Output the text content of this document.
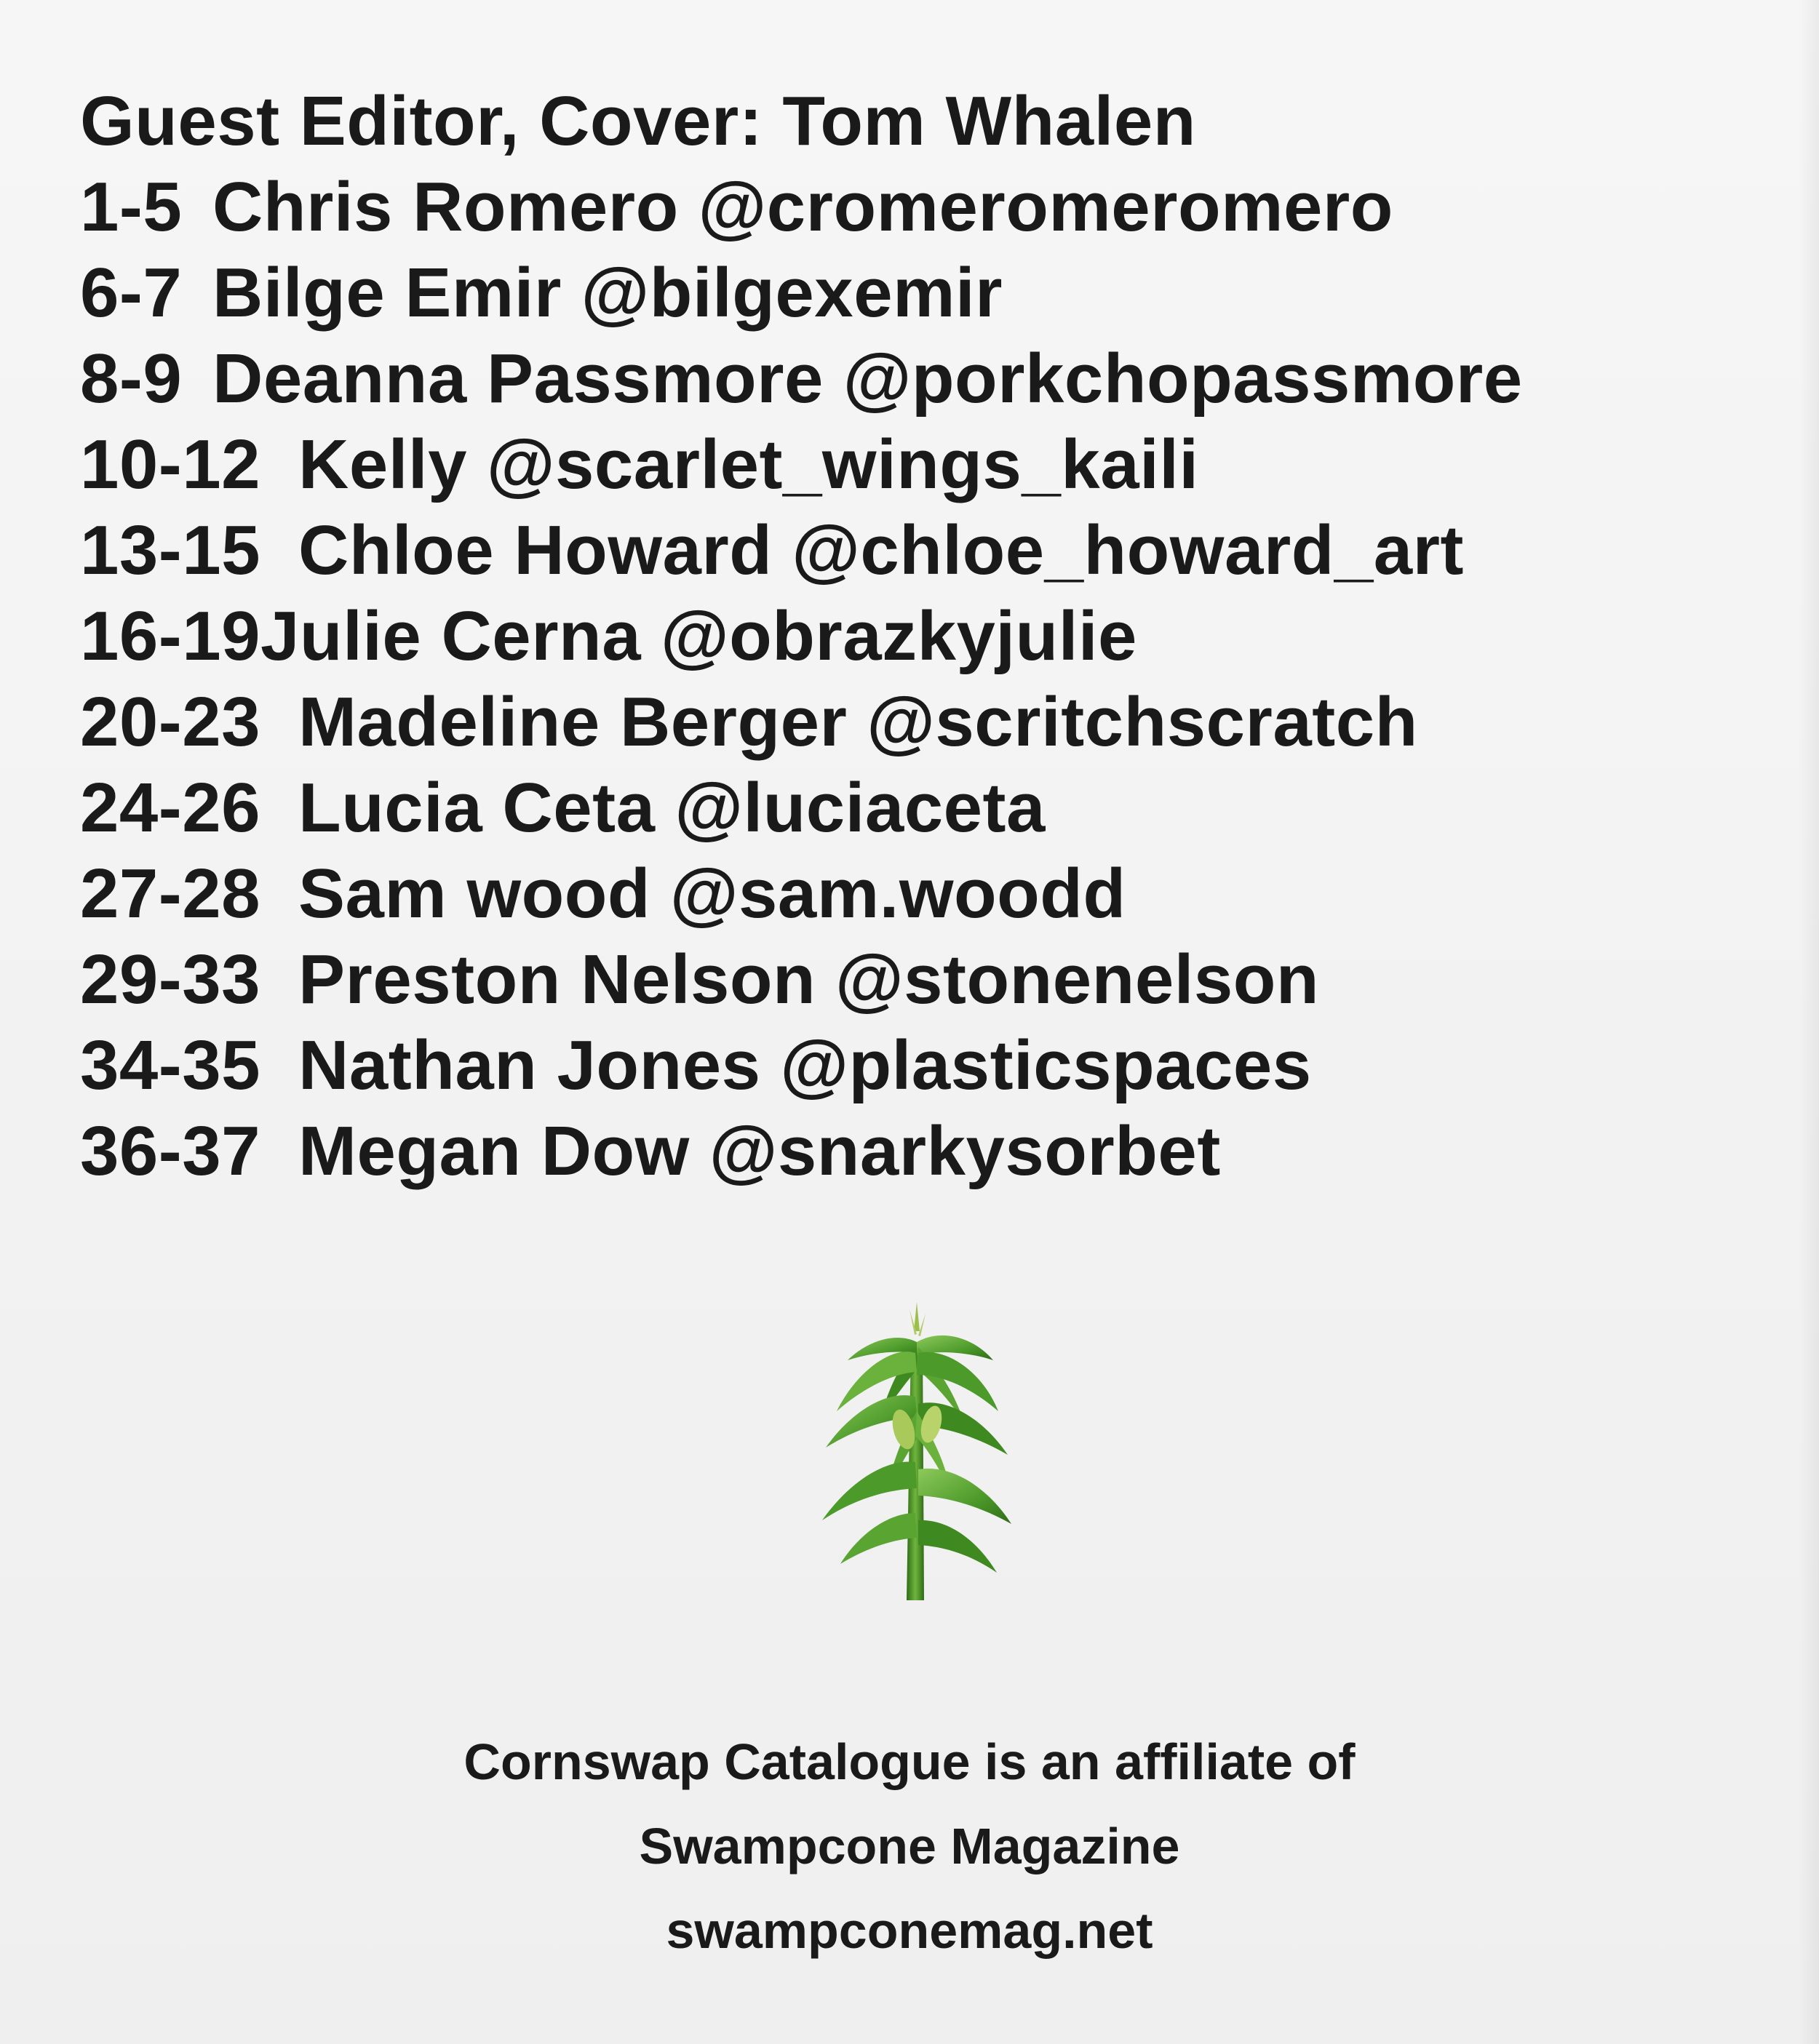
Guest Editor, Cover: Tom Whalen
1-5 Chris Romero @cromeromeromero
6-7 Bilge Emir @bilgexemir
8-9 Deanna Passmore @porkchopassmore
10-12 Kelly @scarlet_wings_kaili
13-15 Chloe Howard @chloe_howard_art
16-19Julie Cerna @obrazkyjulie
20-23 Madeline Berger @scritchscratch
24-26 Lucia Ceta @luciaceta
27-28 Sam wood @sam.woodd
29-33 Preston Nelson @stonenelson
34-35 Nathan Jones @plasticspaces
36-37 Megan Dow @snarkysorbet
Cornswap Catalogue is an affiliate of
Swampcone Magazine
swampconemag.net
